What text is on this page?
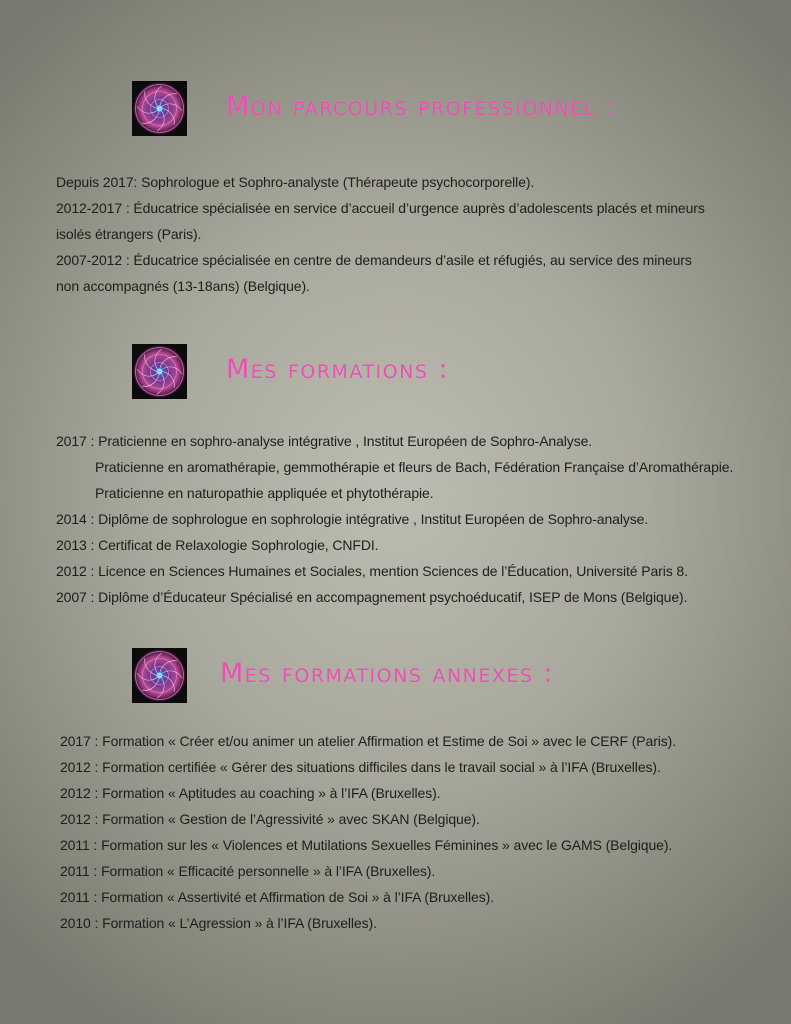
Mon parcours professionnel :
Depuis 2017: Sophrologue et Sophro-analyste (Thérapeute psychocorporelle).
2012-2017 : Éducatrice spécialisée en service d’accueil d’urgence auprès d’adolescents placés et mineurs isolés étrangers (Paris).
2007-2012 : Éducatrice spécialisée en centre de demandeurs d’asile et réfugiés, au service des mineurs non accompagnés (13-18ans) (Belgique).
Mes formations :
2017 : Praticienne en sophro-analyse intégrative , Institut Européen de Sophro-Analyse.
Praticienne en aromathérapie, gemmothérapie et fleurs de Bach, Fédération Française d’Aromathérapie.
Praticienne en naturopathie appliquée et phytothérapie.
2014 : Diplôme de sophrologue en sophrologie intégrative , Institut Européen de Sophro-analyse.
2013 : Certificat de Relaxologie Sophrologie, CNFDI.
2012 : Licence en Sciences Humaines et Sociales, mention Sciences de l’Éducation, Université Paris 8.
2007 : Diplôme d’Éducateur Spécialisé en accompagnement psychoéducatif, ISEP de Mons (Belgique).
Mes formations annexes :
2017 : Formation « Créer et/ou animer un atelier Affirmation et Estime de Soi » avec le CERF (Paris).
2012 : Formation certifiée « Gérer des situations difficiles dans le travail social » à l’IFA (Bruxelles).
2012 : Formation « Aptitudes au coaching » à l’IFA (Bruxelles).
2012 : Formation « Gestion de l’Agressivité » avec SKAN (Belgique).
2011 : Formation sur les « Violences et Mutilations Sexuelles Féminines » avec le GAMS (Belgique).
2011 : Formation « Efficacité personnelle » à l’IFA (Bruxelles).
2011 : Formation « Assertivité et Affirmation de Soi » à l’IFA (Bruxelles).
2010 : Formation « L’Agression » à l’IFA (Bruxelles).
